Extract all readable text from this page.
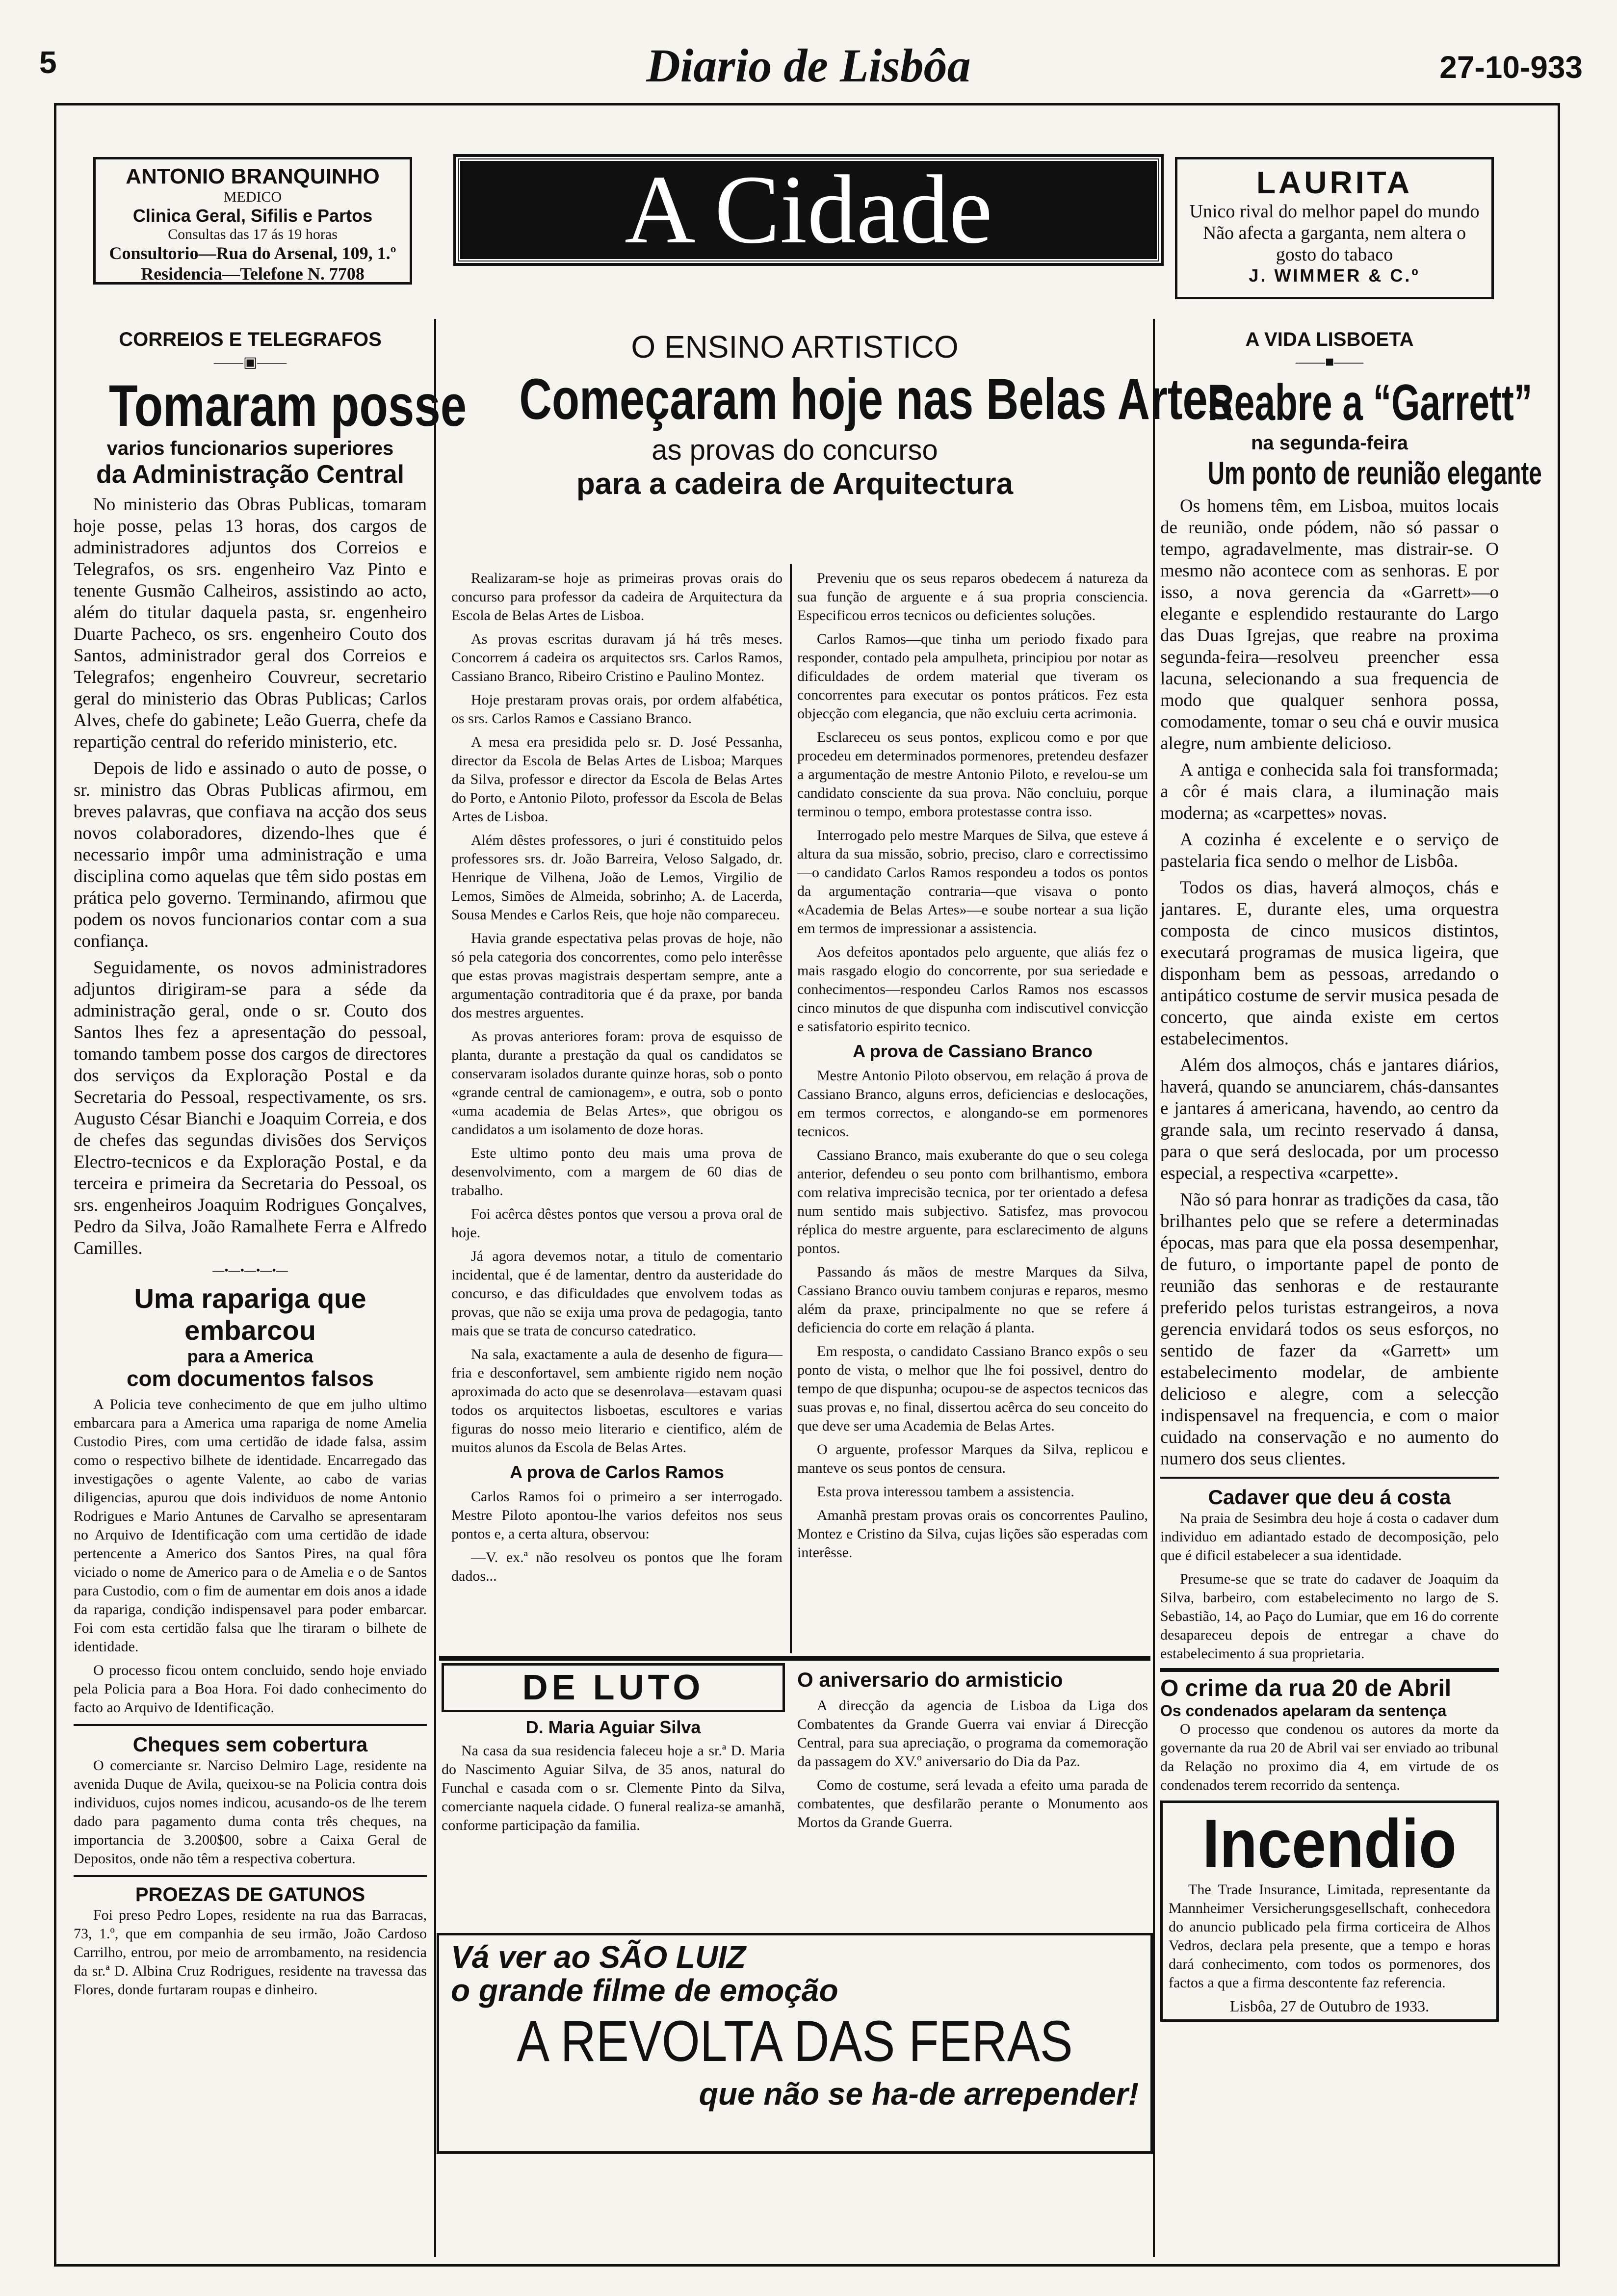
5	Diario de Lisbôa	27-10-933
ANTONIO BRANQUINHO
MEDICO
Clinica Geral, Sifilis e Partos
Consultas das 17 ás 19 horas
Consultorio—Rua do Arsenal, 109, 1.º
Residencia—Telefone N. 7708
A Cidade	LAURITA
Unico rival do melhor papel do mundo
Não afecta a garganta, nem altera o gosto do tabaco
J. WIMMER & C.º
CORREIOS E TELEGRAFOS
——▣——
Tomaram posse
varios funcionarios superiores
da Administração Central

No ministerio das Obras Publicas, tomaram hoje posse, pelas 13 horas, dos cargos de administradores adjuntos dos Correios e Telegrafos, os srs. engenheiro Vaz Pinto e tenente Gusmão Calheiros, assistindo ao acto, além do titular daquela pasta, sr. engenheiro Duarte Pacheco, os srs. engenheiro Couto dos Santos, administrador geral dos Correios e Telegrafos; engenheiro Couvreur, secretario geral do ministerio das Obras Publicas; Carlos Alves, chefe do gabinete; Leão Guerra, chefe da repartição central do referido ministerio, etc.

Depois de lido e assinado o auto de posse, o sr. ministro das Obras Publicas afirmou, em breves palavras, que confiava na acção dos seus novos colaboradores, dizendo-lhes que é necessario impôr uma administração e uma disciplina como aquelas que têm sido postas em prática pelo governo. Terminando, afirmou que podem os novos funcionarios contar com a sua confiança.

Seguidamente, os novos administradores adjuntos dirigiram-se para a séde da administração geral, onde o sr. Couto dos Santos lhes fez a apresentação do pessoal, tomando tambem posse dos cargos de directores dos serviços da Exploração Postal e da Secretaria do Pessoal, respectivamente, os srs. Augusto César Bianchi e Joaquim Correia, e dos de chefes das segundas divisões dos Serviços Electro-tecnicos e da Exploração Postal, e da terceira e primeira da Secretaria do Pessoal, os srs. engenheiros Joaquim Rodrigues Gonçalves, Pedro da Silva, João Ramalhete Ferra e Alfredo Camilles.

—•—•—•—•—
Uma rapariga que embarcou
para a America
com documentos falsos

A Policia teve conhecimento de que em julho ultimo embarcara para a America uma rapariga de nome Amelia Custodio Pires, com uma certidão de idade falsa, assim como o respectivo bilhete de identidade. Encarregado das investigações o agente Valente, ao cabo de varias diligencias, apurou que dois individuos de nome Antonio Rodrigues e Mario Antunes de Carvalho se apresentaram no Arquivo de Identificação com uma certidão de idade pertencente a Americo dos Santos Pires, na qual fôra viciado o nome de Americo para o de Amelia e o de Santos para Custodio, com o fim de aumentar em dois anos a idade da rapariga, condição indispensavel para poder embarcar. Foi com esta certidão falsa que lhe tiraram o bilhete de identidade.

O processo ficou ontem concluido, sendo hoje enviado pela Policia para a Boa Hora. Foi dado conhecimento do facto ao Arquivo de Identificação.

Cheques sem cobertura

O comerciante sr. Narciso Delmiro Lage, residente na avenida Duque de Avila, queixou-se na Policia contra dois individuos, cujos nomes indicou, acusando-os de lhe terem dado para pagamento duma conta três cheques, na importancia de 3.200$00, sobre a Caixa Geral de Depositos, onde não têm a respectiva cobertura.

PROEZAS DE GATUNOS

Foi preso Pedro Lopes, residente na rua das Barracas, 73, 1.º, que em companhia de seu irmão, João Cardoso Carrilho, entrou, por meio de arrombamento, na residencia da sr.ª D. Albina Cruz Rodrigues, residente na travessa das Flores, donde furtaram roupas e dinheiro.

O ENSINO ARTISTICO
Começaram hoje nas Belas Artes
as provas do concurso
para a cadeira de Arquitectura

Realizaram-se hoje as primeiras provas orais do concurso para professor da cadeira de Arquitectura da Escola de Belas Artes de Lisboa.

As provas escritas duravam já há três meses. Concorrem á cadeira os arquitectos srs. Carlos Ramos, Cassiano Branco, Ribeiro Cristino e Paulino Montez.

Hoje prestaram provas orais, por ordem alfabética, os srs. Carlos Ramos e Cassiano Branco.

A mesa era presidida pelo sr. D. José Pessanha, director da Escola de Belas Artes de Lisboa; Marques da Silva, professor e director da Escola de Belas Artes do Porto, e Antonio Piloto, professor da Escola de Belas Artes de Lisboa.

Além dêstes professores, o juri é constituido pelos professores srs. dr. João Barreira, Veloso Salgado, dr. Henrique de Vilhena, João de Lemos, Virgilio de Lemos, Simões de Almeida, sobrinho; A. de Lacerda, Sousa Mendes e Carlos Reis, que hoje não compareceu.

Havia grande espectativa pelas provas de hoje, não só pela categoria dos concorrentes, como pelo interêsse que estas provas magistrais despertam sempre, ante a argumentação contraditoria que é da praxe, por banda dos mestres arguentes.

As provas anteriores foram: prova de esquisso de planta, durante a prestação da qual os candidatos se conservaram isolados durante quinze horas, sob o ponto «grande central de camionagem», e outra, sob o ponto «uma academia de Belas Artes», que obrigou os candidatos a um isolamento de doze horas.

Este ultimo ponto deu mais uma prova de desenvolvimento, com a margem de 60 dias de trabalho.

Foi acêrca dêstes pontos que versou a prova oral de hoje.

Já agora devemos notar, a titulo de comentario incidental, que é de lamentar, dentro da austeridade do concurso, e das dificuldades que envolvem todas as provas, que não se exija uma prova de pedagogia, tanto mais que se trata de concurso catedratico.

Na sala, exactamente a aula de desenho de figura—fria e desconfortavel, sem ambiente rigido nem noção aproximada do acto que se desenrolava—estavam quasi todos os arquitectos lisboetas, escultores e varias figuras do nosso meio literario e cientifico, além de muitos alunos da Escola de Belas Artes.

A prova de Carlos Ramos

Carlos Ramos foi o primeiro a ser interrogado. Mestre Piloto apontou-lhe varios defeitos nos seus pontos e, a certa altura, observou:

—V. ex.ª não resolveu os pontos que lhe foram dados...

Preveniu que os seus reparos obedecem á natureza da sua função de arguente e á sua propria consciencia. Especificou erros tecnicos ou deficientes soluções.

Carlos Ramos—que tinha um periodo fixado para responder, contado pela ampulheta, principiou por notar as dificuldades de ordem material que tiveram os concorrentes para executar os pontos práticos. Fez esta objecção com elegancia, que não excluiu certa acrimonia.

Esclareceu os seus pontos, explicou como e por que procedeu em determinados pormenores, pretendeu desfazer a argumentação de mestre Antonio Piloto, e revelou-se um candidato consciente da sua prova. Não concluiu, porque terminou o tempo, embora protestasse contra isso.

Interrogado pelo mestre Marques de Silva, que esteve á altura da sua missão, sobrio, preciso, claro e correctissimo—o candidato Carlos Ramos respondeu a todos os pontos da argumentação contraria—que visava o ponto «Academia de Belas Artes»—e soube nortear a sua lição em termos de impressionar a assistencia.

Aos defeitos apontados pelo arguente, que aliás fez o mais rasgado elogio do concorrente, por sua seriedade e conhecimentos—respondeu Carlos Ramos nos escassos cinco minutos de que dispunha com indiscutivel convicção e satisfatorio espirito tecnico.

A prova de Cassiano Branco

Mestre Antonio Piloto observou, em relação á prova de Cassiano Branco, alguns erros, deficiencias e deslocações, em termos correctos, e alongando-se em pormenores tecnicos.

Cassiano Branco, mais exuberante do que o seu colega anterior, defendeu o seu ponto com brilhantismo, embora com relativa imprecisão tecnica, por ter orientado a defesa num sentido mais subjectivo. Satisfez, mas provocou réplica do mestre arguente, para esclarecimento de alguns pontos.

Passando ás mãos de mestre Marques da Silva, Cassiano Branco ouviu tambem conjuras e reparos, mesmo além da praxe, principalmente no que se refere á deficiencia do corte em relação á planta.

Em resposta, o candidato Cassiano Branco expôs o seu ponto de vista, o melhor que lhe foi possivel, dentro do tempo de que dispunha; ocupou-se de aspectos tecnicos das suas provas e, no final, dissertou acêrca do seu conceito do que deve ser uma Academia de Belas Artes.

O arguente, professor Marques da Silva, replicou e manteve os seus pontos de censura.

Esta prova interessou tambem a assistencia.

Amanhã prestam provas orais os concorrentes Paulino, Montez e Cristino da Silva, cujas lições são esperadas com interêsse.

DE LUTO
D. Maria Aguiar Silva

Na casa da sua residencia faleceu hoje a sr.ª D. Maria do Nascimento Aguiar Silva, de 35 anos, natural do Funchal e casada com o sr. Clemente Pinto da Silva, comerciante naquela cidade. O funeral realiza-se amanhã, conforme participação da familia.

O aniversario do armisticio

A direcção da agencia de Lisboa da Liga dos Combatentes da Grande Guerra vai enviar á Direcção Central, para sua apreciação, o programa da comemoração da passagem do XV.º aniversario do Dia da Paz.

Como de costume, será levada a efeito uma parada de combatentes, que desfilarão perante o Monumento aos Mortos da Grande Guerra.

Vá ver ao SÃO LUIZ
o grande filme de emoção
A REVOLTA DAS FERAS
que não se ha-de arrepender!
A VIDA LISBOETA
——■——
Reabre a “Garrett”
na segunda-feira
Um ponto de reunião elegante

Os homens têm, em Lisboa, muitos locais de reunião, onde pódem, não só passar o tempo, agradavelmente, mas distrair-se. O mesmo não acontece com as senhoras. E por isso, a nova gerencia da «Garrett»—o elegante e esplendido restaurante do Largo das Duas Igrejas, que reabre na proxima segunda-feira—resolveu preencher essa lacuna, selecionando a sua frequencia de modo que qualquer senhora possa, comodamente, tomar o seu chá e ouvir musica alegre, num ambiente delicioso.

A antiga e conhecida sala foi transformada; a côr é mais clara, a iluminação mais moderna; as «carpettes» novas.

A cozinha é excelente e o serviço de pastelaria fica sendo o melhor de Lisbôa.

Todos os dias, haverá almoços, chás e jantares. E, durante eles, uma orquestra composta de cinco musicos distintos, executará programas de musica ligeira, que disponham bem as pessoas, arredando o antipático costume de servir musica pesada de concerto, que ainda existe em certos estabelecimentos.

Além dos almoços, chás e jantares diários, haverá, quando se anunciarem, chás-dansantes e jantares á americana, havendo, ao centro da grande sala, um recinto reservado á dansa, para o que será deslocada, por um processo especial, a respectiva «carpette».

Não só para honrar as tradições da casa, tão brilhantes pelo que se refere a determinadas épocas, mas para que ela possa desempenhar, de futuro, o importante papel de ponto de reunião das senhoras e de restaurante preferido pelos turistas estrangeiros, a nova gerencia envidará todos os seus esforços, no sentido de fazer da «Garrett» um estabelecimento modelar, de ambiente delicioso e alegre, com a selecção indispensavel na frequencia, e com o maior cuidado na conservação e no aumento do numero dos seus clientes.

Cadaver que deu á costa

Na praia de Sesimbra deu hoje á costa o cadaver dum individuo em adiantado estado de decomposição, pelo que é dificil estabelecer a sua identidade.

Presume-se que se trate do cadaver de Joaquim da Silva, barbeiro, com estabelecimento no largo de S. Sebastião, 14, ao Paço do Lumiar, que em 16 do corrente desapareceu depois de entregar a chave do estabelecimento á sua proprietaria.

O crime da rua 20 de Abril
Os condenados apelaram da sentença

O processo que condenou os autores da morte da governante da rua 20 de Abril vai ser enviado ao tribunal da Relação no proximo dia 4, em virtude de os condenados terem recorrido da sentença.

Incendio

The Trade Insurance, Limitada, representante da Mannheimer Versicherungsgesellschaft, conhecedora do anuncio publicado pela firma corticeira de Alhos Vedros, declara pela presente, que a tempo e horas dará conhecimento, com todos os pormenores, dos factos a que a firma descontente faz referencia.

Lisbôa, 27 de Outubro de 1933.
